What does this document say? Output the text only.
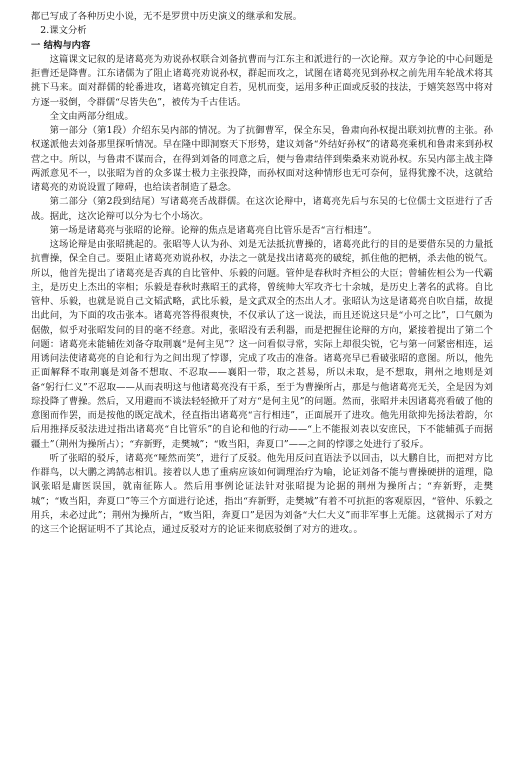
都已写成了各种历史小说，无不是罗贯中历史演义的继承和发展。

2.课文分析

一 结构与内容

这篇课文记叙的是诸葛亮为劝说孙权联合刘备抗曹而与江东主和派进行的一次论辩。双方争论的中心问题是拒曹还是降曹。江东诸儒为了阻止诸葛亮劝说孙权，群起而攻之，试图在诸葛亮见到孙权之前先用车轮战术将其挑下马来。面对群儒的轮番进攻，诸葛亮镇定自若，见机而变，运用多种正面或反驳的技法，于嬉笑怒骂中将对方逐一驳倒，令群儒“尽皆失色”，被传为千古佳话。

全文由两部分组成。

第一部分（第1段）介绍东吴内部的情况。为了抗御曹军，保全东吴，鲁肃向孙权提出联刘抗曹的主张。孙权遂派他去刘备那里探听情况。早在隆中即洞察天下形势，建议刘备“外结好孙权”的诸葛亮乘机和鲁肃来到孙权营之中。所以，与鲁肃不谋而合，在得到刘备的同意之后，便与鲁肃结伴到柴桑来劝说孙权。东吴内部主战主降两派意见不一，以张昭为首的众多谋士极力主张投降，而孙权面对这种情形也无可奈何，显得犹豫不决，这就给诸葛亮的劝说设置了障碍，也给读者制造了悬念。

第二部分（第2段到结尾）写诸葛亮舌战群儒。在这次论辩中，诸葛亮先后与东吴的七位儒士文臣进行了舌战。据此，这次论辩可以分为七个小场次。

第一场是诸葛亮与张昭的论辩。论辩的焦点是诸葛亮自比管乐是否“言行相违”。

这场论辩是由张昭挑起的。张昭等人认为孙、刘是无法抵抗曹操的，诸葛亮此行的目的是要借东吴的力量抵抗曹操，保全自己。要阻止诸葛亮劝说孙权，办法之一就是找出诸葛亮的破绽，抓住他的把柄，杀去他的锐气。所以，他首先提出了诸葛亮是否真的自比管仲、乐毅的问题。管仲是春秋时齐桓公的大臣；曾辅佐桓公为一代霸主，是历史上杰出的宰相；乐毅是春秋时燕昭王的武将，曾统帅大军攻齐七十余城，是历史上著名的武将。自比管仲、乐毅，也就是说自己文韬武略，武比乐毅，是文武双全的杰出人才。张昭认为这是诸葛亮自吹自擂，故提出此问，为下面的攻击张本。诸葛亮答得很爽快，不仅承认了这一说法，而且还说这只是“小可之比”，口气颇为倨傲，似乎对张昭发问的目的毫不经意。对此，张昭没有丢利器，而是把握住论辩的方向，紧接着提出了第二个问题：诸葛亮未能辅佐刘备夺取荆襄“是何主见”？这一问看似寻常，实际上却很尖锐，它与第一问紧密相连，运用诱问法使诸葛亮的自论和行为之间出现了悖谬，完成了攻击的准备。诸葛亮早已看破张昭的意图。所以，他先正面解释不取荆襄是刘备不想取、不忍取——襄阳一带，取之甚易，所以未取，是不想取，荆州之地则是刘备“躬行仁义”不忍取——从而表明这与他诸葛亮没有干系，至于为曹操所占，那是与他诸葛亮无关，全是因为刘琮投降了曹操。然后，又用避而不谈法轻轻掀开了对方“是何主见”的问题。然而，张昭并未因诸葛亮看破了他的意图而作罢，而是按他的既定战术，径直指出诸葛亮“言行相违”，正面展开了进攻。他先用欲抑先扬法着韵，尔后用推择反驳法进过指出诸葛亮“自比管乐”的自论和他的行动——“上不能报刘表以安庶民，下不能辅孤子而据疆土”（荆州为操所占）；“弃新野，走樊城”；“败当阳，奔夏口”——之间的悖谬之处进行了驳斥。

听了张昭的驳斥，诸葛亮“哑然而笑”，进行了反驳。他先用反问直语法予以回击，以大鹏自比，而把对方比作群鸟，以大鹏之鸿鹄志相讥。接着以人患了重病应该如何调理治疗为喻，论证刘备不能与曹操硬拼的道理，隐讽张昭是庸医误国，就南征陈人。然后用事例论证法针对张昭提为论据的荆州为操所占；“弃新野，走樊城”；“败当阳，奔夏口”等三个方面进行论述，指出“弃新野，走樊城”有着不可抗拒的客观原因，“管仲、乐毅之用兵，未必过此”；荆州为操所占，“败当阳，奔夏口”是因为刘备“大仁大义”而非军事上无能。这就揭示了对方的这三个论据证明不了其论点，通过反驳对方的论证来彻底驳倒了对方的进攻。。
